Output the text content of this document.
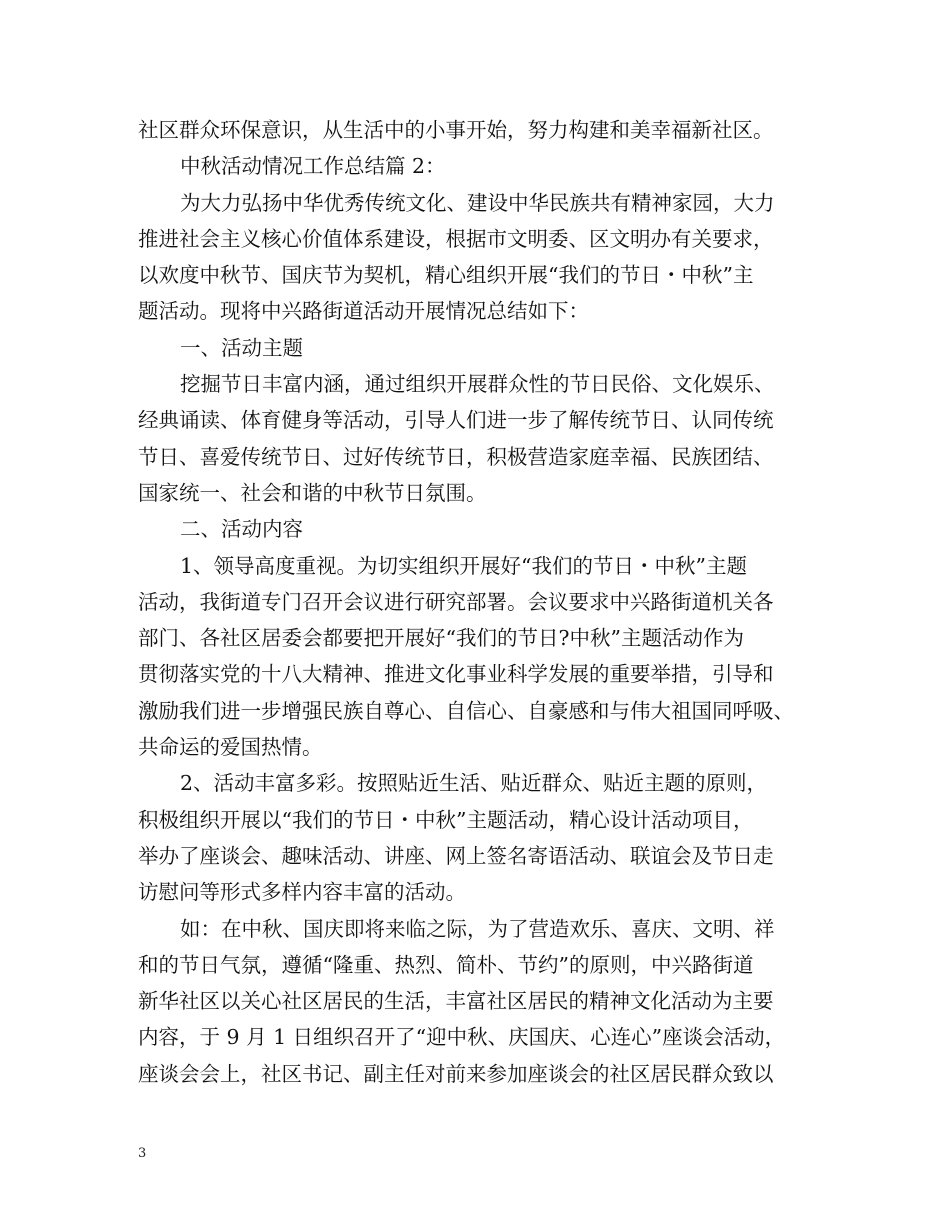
社区群众环保意识，从生活中的小事开始，努力构建和美幸福新社区。
中秋活动情况工作总结篇 2：
为大力弘扬中华优秀传统文化、建设中华民族共有精神家园，大力
推进社会主义核心价值体系建设，根据市文明委、区文明办有关要求，
以欢度中秋节、国庆节为契机，精心组织开展“我们的节日・中秋”主
题活动。现将中兴路街道活动开展情况总结如下：
一、活动主题
挖掘节日丰富内涵，通过组织开展群众性的节日民俗、文化娱乐、
经典诵读、体育健身等活动，引导人们进一步了解传统节日、认同传统
节日、喜爱传统节日、过好传统节日，积极营造家庭幸福、民族团结、
国家统一、社会和谐的中秋节日氛围。
二、活动内容
1、领导高度重视。为切实组织开展好“我们的节日・中秋”主题
活动，我街道专门召开会议进行研究部署。会议要求中兴路街道机关各
部门、各社区居委会都要把开展好“我们的节日?中秋”主题活动作为
贯彻落实党的十八大精神、推进文化事业科学发展的重要举措，引导和
激励我们进一步增强民族自尊心、自信心、自豪感和与伟大祖国同呼吸、
共命运的爱国热情。
2、活动丰富多彩。按照贴近生活、贴近群众、贴近主题的原则，
积极组织开展以“我们的节日・中秋”主题活动，精心设计活动项目，
举办了座谈会、趣味活动、讲座、网上签名寄语活动、联谊会及节日走
访慰问等形式多样内容丰富的活动。
如：在中秋、国庆即将来临之际，为了营造欢乐、喜庆、文明、祥
和的节日气氛，遵循“隆重、热烈、简朴、节约”的原则，中兴路街道
新华社区以关心社区居民的生活，丰富社区居民的精神文化活动为主要
内容，于 9 月 1 日组织召开了“迎中秋、庆国庆、心连心”座谈会活动，
座谈会会上，社区书记、副主任对前来参加座谈会的社区居民群众致以
3
